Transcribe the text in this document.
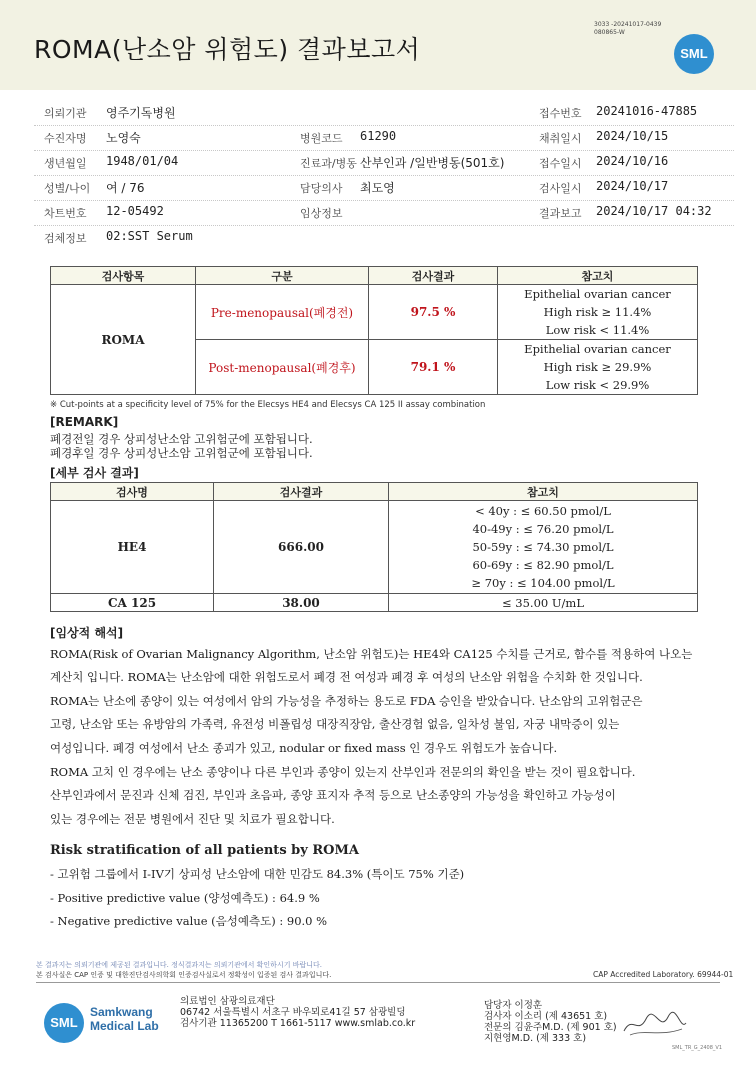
ROMA(난소암 위험도) 결과보고서
3033 -20241017-0439
080865-W
SML
의뢰기관 영주기독병원	접수번호 20241016-47885
수진자명 노영숙	병원코드 61290	채취일시 2024/10/15
생년월일 1948/01/04	진료과/병동 산부인과 /일반병동(501호)	접수일시 2024/10/16
성별/나이 여 / 76	담당의사 최도영	검사일시 2024/10/17
차트번호 12-05492	임상정보	결과보고 2024/10/17 04:32
검체정보 02:SST Serum
검사항목	구분	검사결과	참고치
ROMA	Pre-menopausal(폐경전)	97.5 %	Epithelial ovarian cancer
High risk ≥ 11.4%
Low risk < 11.4%

	Post-menopausal(폐경후)	79.1 %	Epithelial ovarian cancer
High risk ≥ 29.9%
Low risk < 29.9%
※ Cut-points at a specificity level of 75% for the Elecsys HE4 and Elecsys CA 125 II assay combination
[REMARK]
폐경전일 경우 상피성난소암 고위험군에 포함됩니다.
폐경후일 경우 상피성난소암 고위험군에 포함됩니다.
[세부 검사 결과]
검사명	검사결과	참고치
HE4	666.00	< 40y : ≤ 60.50 pmol/L
40-49y : ≤ 76.20 pmol/L
50-59y : ≤ 74.30 pmol/L
60-69y : ≤ 82.90 pmol/L
≥ 70y : ≤ 104.00 pmol/L

CA 125	38.00	≤ 35.00 U/mL
[임상적 해석]
ROMA(Risk of Ovarian Malignancy Algorithm, 난소암 위험도)는 HE4와 CA125 수치를 근거로, 함수를 적용하여 나오는
계산치 입니다. ROMA는 난소암에 대한 위험도로서 폐경 전 여성과 폐경 후 여성의 난소암 위험을 수치화 한 것입니다.
ROMA는 난소에 종양이 있는 여성에서 암의 가능성을 추정하는 용도로 FDA 승인을 받았습니다. 난소암의 고위험군은
고령, 난소암 또는 유방암의 가족력, 유전성 비폴립성 대장직장암, 출산경험 없음, 일차성 불임, 자궁 내막증이 있는
여성입니다. 폐경 여성에서 난소 종괴가 있고, nodular or fixed mass 인 경우도 위험도가 높습니다.
ROMA 고치 인 경우에는 난소 종양이나 다른 부인과 종양이 있는지 산부인과 전문의의 확인을 받는 것이 필요합니다.
산부인과에서 문진과 신체 검진, 부인과 초음파, 종양 표지자 추적 등으로 난소종양의 가능성을 확인하고 가능성이
있는 경우에는 전문 병원에서 진단 및 치료가 필요합니다.
Risk stratification of all patients by ROMA
- 고위험 그룹에서 I-IV기 상피성 난소암에 대한 민감도 84.3% (특이도 75% 기준)
- Positive predictive value (양성예측도) : 64.9 %
- Negative predictive value (음성예측도) : 90.0 %
본 결과지는 의뢰기관에 제공된 결과입니다. 정식결과지는 의뢰기관에서 확인하시기 바랍니다.
본 검사실은 CAP 인증 및 대한진단검사의학회 인증검사실로서 정확성이 입증된 검사 결과입니다.	CAP Accredited Laboratory. 69944-01
SML
Samkwang
Medical Lab
의료법인 삼광의료재단
06742 서울특별시 서초구 바우뫼로41길 57 삼광빌딩
검사기관 11365200 T 1661-5117 www.smlab.co.kr
담당자 이정훈
검사자 이소리 (제 43651 호)
전문의 김윤주M.D. (제 901 호)
지현영M.D. (제 333 호)
SML_TR_G_2408_V1
